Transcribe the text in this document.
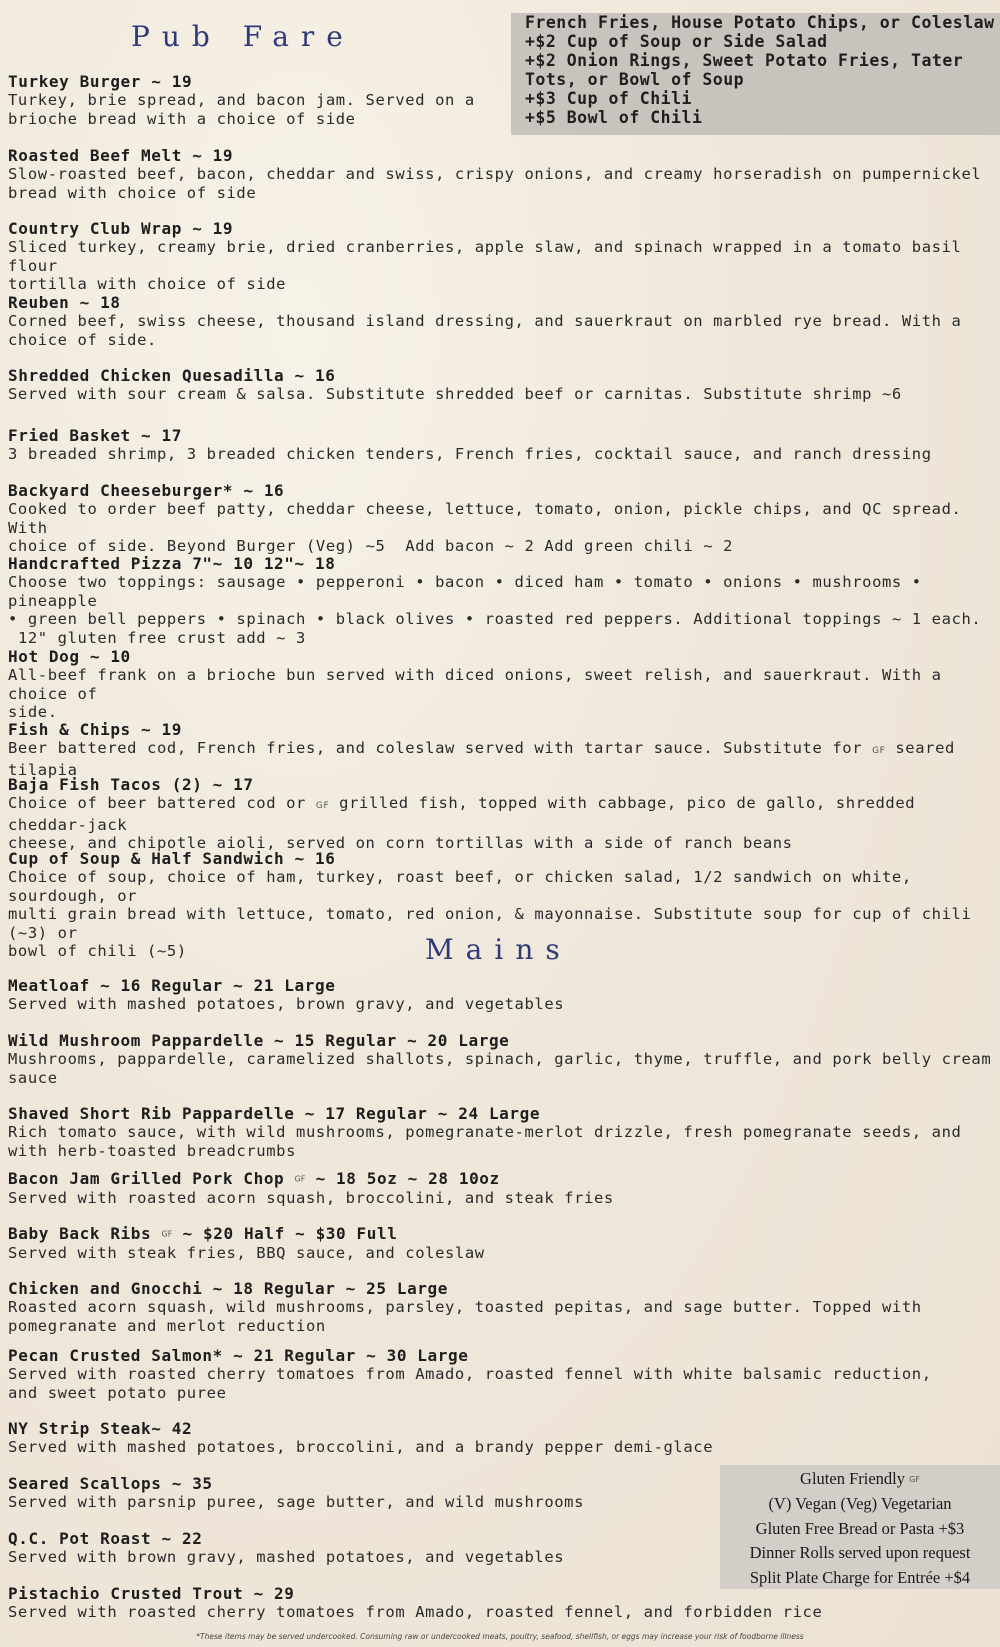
Pub Fare	French Fries, House Potato Chips, or Coleslaw
+$2 Cup of Soup or Side Salad
+$2 Onion Rings, Sweet Potato Fries, Tater
Tots, or Bowl of Soup
+$3 Cup of Chili
+$5 Bowl of Chili
Turkey Burger ~ 19
Turkey, brie spread, and bacon jam. Served on a
brioche bread with a choice of side
Roasted Beef Melt ~ 19
Slow-roasted beef, bacon, cheddar and swiss, crispy onions, and creamy horseradish on pumpernickel
bread with choice of side
Country Club Wrap ~ 19
Sliced turkey, creamy brie, dried cranberries, apple slaw, and spinach wrapped in a tomato basil flour
tortilla with choice of side
Reuben ~ 18
Corned beef, swiss cheese, thousand island dressing, and sauerkraut on marbled rye bread. With a
choice of side.
Shredded Chicken Quesadilla ~ 16
Served with sour cream & salsa. Substitute shredded beef or carnitas. Substitute shrimp ~6
Fried Basket ~ 17
3 breaded shrimp, 3 breaded chicken tenders, French fries, cocktail sauce, and ranch dressing
Backyard Cheeseburger* ~ 16
Cooked to order beef patty, cheddar cheese, lettuce, tomato, onion, pickle chips, and QC spread. With
choice of side. Beyond Burger (Veg) ~5  Add bacon ~ 2 Add green chili ~ 2
Handcrafted Pizza 7"~ 10 12"~ 18
Choose two toppings: sausage • pepperoni • bacon • diced ham • tomato • onions • mushrooms • pineapple
• green bell peppers • spinach • black olives • roasted red peppers. Additional toppings ~ 1 each.
12" gluten free crust add ~ 3
Hot Dog ~ 10
All-beef frank on a brioche bun served with diced onions, sweet relish, and sauerkraut. With a choice of
side.
Fish & Chips ~ 19
Beer battered cod, French fries, and coleslaw served with tartar sauce. Substitute for GF seared tilapia
Baja Fish Tacos (2) ~ 17
Choice of beer battered cod or GF grilled fish, topped with cabbage, pico de gallo, shredded cheddar-jack
cheese, and chipotle aioli, served on corn tortillas with a side of ranch beans
Cup of Soup & Half Sandwich ~ 16
Choice of soup, choice of ham, turkey, roast beef, or chicken salad, 1/2 sandwich on white, sourdough, or
multi grain bread with lettuce, tomato, red onion, & mayonnaise. Substitute soup for cup of chili (~3) or
bowl of chili (~5)	Mains
Meatloaf ~ 16 Regular ~ 21 Large
Served with mashed potatoes, brown gravy, and vegetables
Wild Mushroom Pappardelle ~ 15 Regular ~ 20 Large
Mushrooms, pappardelle, caramelized shallots, spinach, garlic, thyme, truffle, and pork belly cream
sauce
Shaved Short Rib Pappardelle ~ 17 Regular ~ 24 Large
Rich tomato sauce, with wild mushrooms, pomegranate-merlot drizzle, fresh pomegranate seeds, and
with herb-toasted breadcrumbs
Bacon Jam Grilled Pork Chop GF ~ 18 5oz ~ 28 10oz
Served with roasted acorn squash, broccolini, and steak fries
Baby Back Ribs GF ~ $20 Half ~ $30 Full
Served with steak fries, BBQ sauce, and coleslaw
Chicken and Gnocchi ~ 18 Regular ~ 25 Large
Roasted acorn squash, wild mushrooms, parsley, toasted pepitas, and sage butter. Topped with
pomegranate and merlot reduction
Pecan Crusted Salmon* ~ 21 Regular ~ 30 Large
Served with roasted cherry tomatoes from Amado, roasted fennel with white balsamic reduction,
and sweet potato puree
NY Strip Steak~ 42
Served with mashed potatoes, broccolini, and a brandy pepper demi-glace
Seared Scallops ~ 35
Served with parsnip puree, sage butter, and wild mushrooms
Q.C. Pot Roast ~ 22
Served with brown gravy, mashed potatoes, and vegetables
Pistachio Crusted Trout ~ 29
Served with roasted cherry tomatoes from Amado, roasted fennel, and forbidden rice
Gluten Friendly GF
(V) Vegan (Veg) Vegetarian
Gluten Free Bread or Pasta +$3
Dinner Rolls served upon request
Split Plate Charge for Entrée +$4
*These items may be served undercooked. Consuming raw or undercooked meats, poultry, seafood, shellfish, or eggs may increase your risk of foodborne illness
